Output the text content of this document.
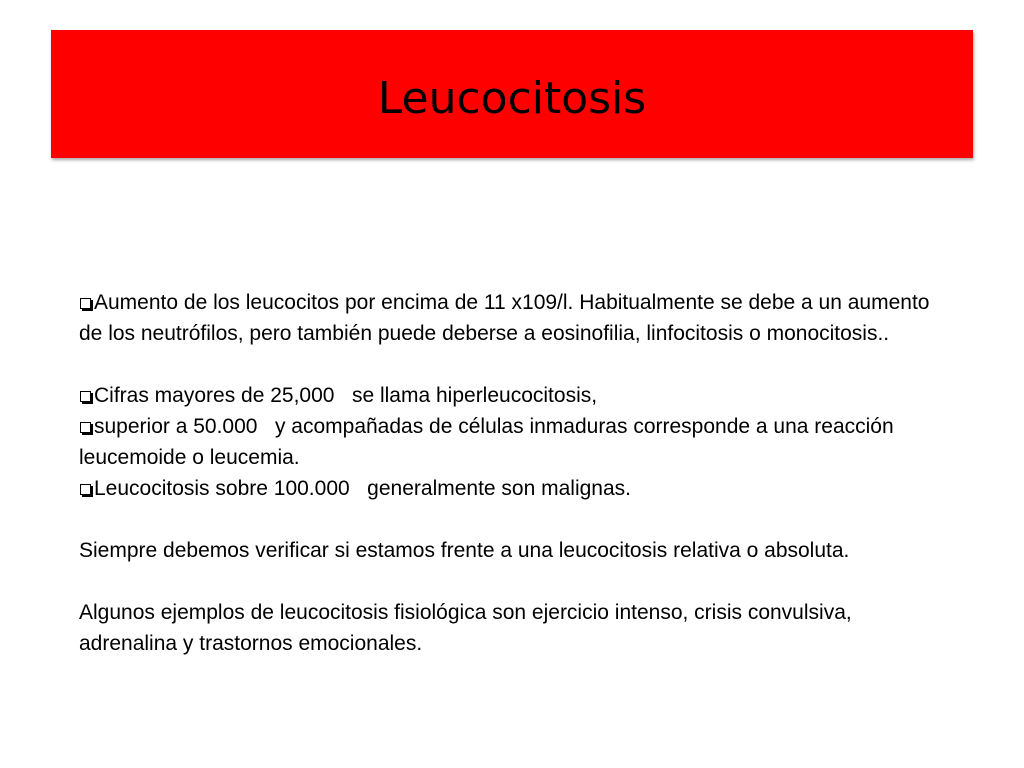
Leucocitosis

Aumento de los leucocitos por encima de 11 x109/l. Habitualmente se debe a un aumento de los neutrófilos, pero también puede deberse a eosinofilia, linfocitosis o monocitosis..

Cifras mayores de 25,000   se llama hiperleucocitosis,

superior a 50.000   y acompañadas de células inmaduras corresponde a una reacción leucemoide o leucemia.

Leucocitosis sobre 100.000   generalmente son malignas.

Siempre debemos verificar si estamos frente a una leucocitosis relativa o absoluta.

Algunos ejemplos de leucocitosis fisiológica son ejercicio intenso, crisis convulsiva, adrenalina y trastornos emocionales.
